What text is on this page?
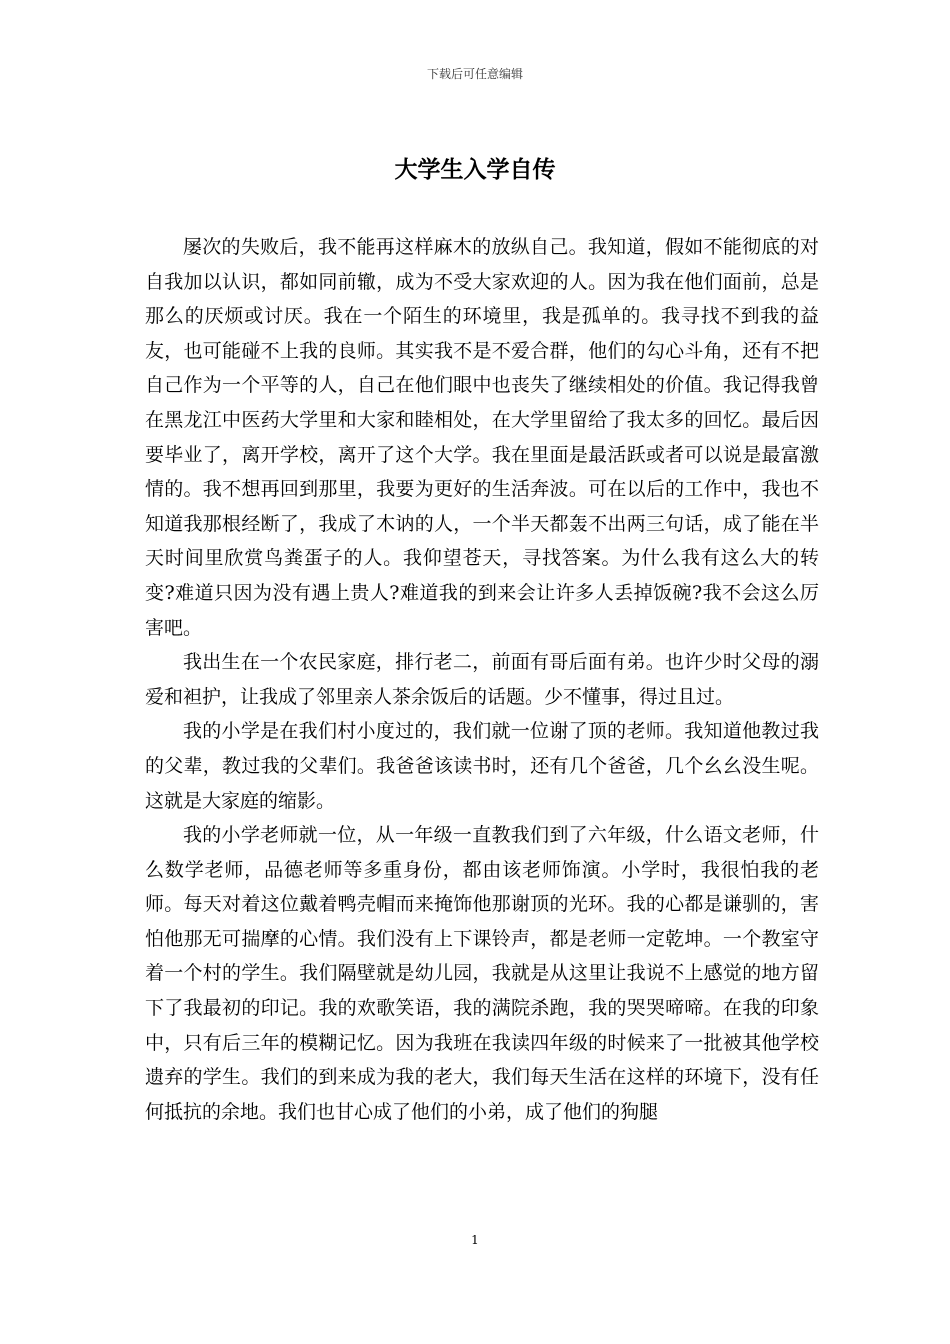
下载后可任意编辑
大学生入学自传

屡次的失败后，我不能再这样麻木的放纵自己。我知道，假如不能彻底的对自我加以认识，都如同前辙，成为不受大家欢迎的人。因为我在他们面前，总是那么的厌烦或讨厌。我在一个陌生的环境里，我是孤单的。我寻找不到我的益友，也可能碰不上我的良师。其实我不是不爱合群，他们的勾心斗角，还有不把自己作为一个平等的人，自己在他们眼中也丧失了继续相处的价值。我记得我曾在黑龙江中医药大学里和大家和睦相处，在大学里留给了我太多的回忆。最后因要毕业了，离开学校，离开了这个大学。我在里面是最活跃或者可以说是最富激情的。我不想再回到那里，我要为更好的生活奔波。可在以后的工作中，我也不知道我那根经断了，我成了木讷的人，一个半天都轰不出两三句话，成了能在半天时间里欣赏鸟粪蛋子的人。我仰望苍天，寻找答案。为什么我有这么大的转变?难道只因为没有遇上贵人?难道我的到来会让许多人丢掉饭碗?我不会这么厉害吧。

我出生在一个农民家庭，排行老二，前面有哥后面有弟。也许少时父母的溺爱和袒护，让我成了邻里亲人茶余饭后的话题。少不懂事，得过且过。

我的小学是在我们村小度过的，我们就一位谢了顶的老师。我知道他教过我的父辈，教过我的父辈们。我爸爸该读书时，还有几个爸爸，几个幺幺没生呢。这就是大家庭的缩影。

我的小学老师就一位，从一年级一直教我们到了六年级，什么语文老师，什么数学老师，品德老师等多重身份，都由该老师饰演。小学时，我很怕我的老师。每天对着这位戴着鸭壳帽而来掩饰他那谢顶的光环。我的心都是谦驯的，害怕他那无可揣摩的心情。我们没有上下课铃声，都是老师一定乾坤。一个教室守着一个村的学生。我们隔壁就是幼儿园，我就是从这里让我说不上感觉的地方留下了我最初的印记。我的欢歌笑语，我的满院杀跑，我的哭哭啼啼。在我的印象中，只有后三年的模糊记忆。因为我班在我读四年级的时候来了一批被其他学校遗弃的学生。我们的到来成为我的老大，我们每天生活在这样的环境下，没有任何抵抗的余地。我们也甘心成了他们的小弟，成了他们的狗腿

1
